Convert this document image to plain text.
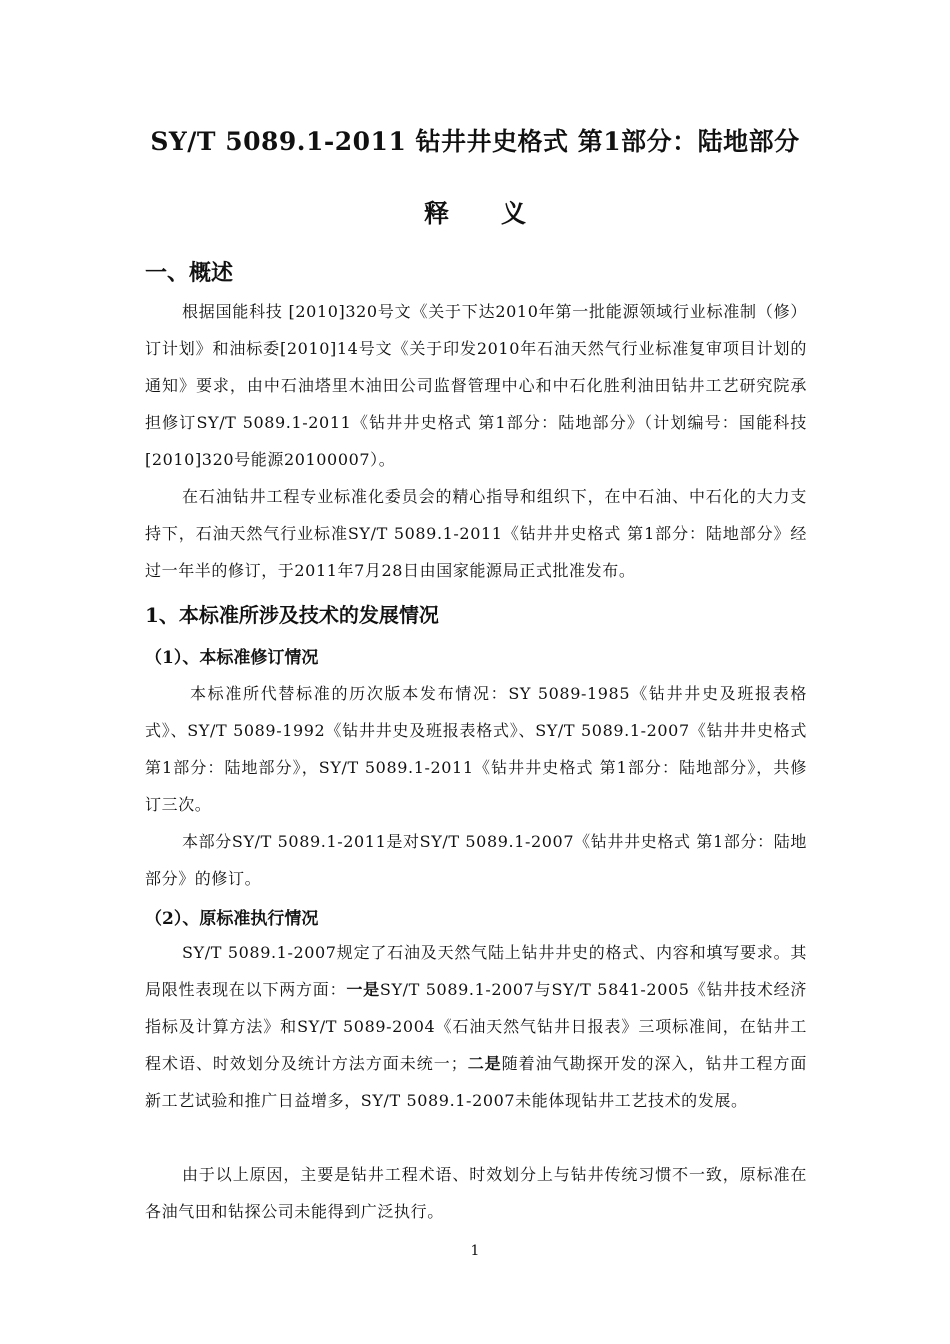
SY/T 5089.1-2011 钻井井史格式 第1部分：陆地部分
释义
一、概述
根据国能科技 [2010]320号文《关于下达2010年第一批能源领域行业标准制（修）订计划》和油标委[2010]14号文《关于印发2010年石油天然气行业标准复审项目计划的通知》要求，由中石油塔里木油田公司监督管理中心和中石化胜利油田钻井工艺研究院承担修订SY/T 5089.1-2011《钻井井史格式 第1部分：陆地部分》（计划编号：国能科技[2010]320号能源20100007）。
在石油钻井工程专业标准化委员会的精心指导和组织下，在中石油、中石化的大力支持下，石油天然气行业标准SY/T 5089.1-2011《钻井井史格式 第1部分：陆地部分》经过一年半的修订，于2011年7月28日由国家能源局正式批准发布。
1、本标准所涉及技术的发展情况
（1）、本标准修订情况
本标准所代替标准的历次版本发布情况：SY 5089-1985《钻井井史及班报表格式》、SY/T 5089-1992《钻井井史及班报表格式》、SY/T 5089.1-2007《钻井井史格式 第1部分：陆地部分》，SY/T 5089.1-2011《钻井井史格式 第1部分：陆地部分》，共修订三次。
本部分SY/T 5089.1-2011是对SY/T 5089.1-2007《钻井井史格式 第1部分：陆地部分》的修订。
（2）、原标准执行情况
SY/T 5089.1-2007规定了石油及天然气陆上钻井井史的格式、内容和填写要求。其局限性表现在以下两方面：一是SY/T 5089.1-2007与SY/T 5841-2005《钻井技术经济指标及计算方法》和SY/T 5089-2004《石油天然气钻井日报表》三项标准间，在钻井工程术语、时效划分及统计方法方面未统一；二是随着油气勘探开发的深入，钻井工程方面新工艺试验和推广日益增多，SY/T 5089.1-2007未能体现钻井工艺技术的发展。
由于以上原因，主要是钻井工程术语、时效划分上与钻井传统习惯不一致，原标准在各油气田和钻探公司未能得到广泛执行。
1
